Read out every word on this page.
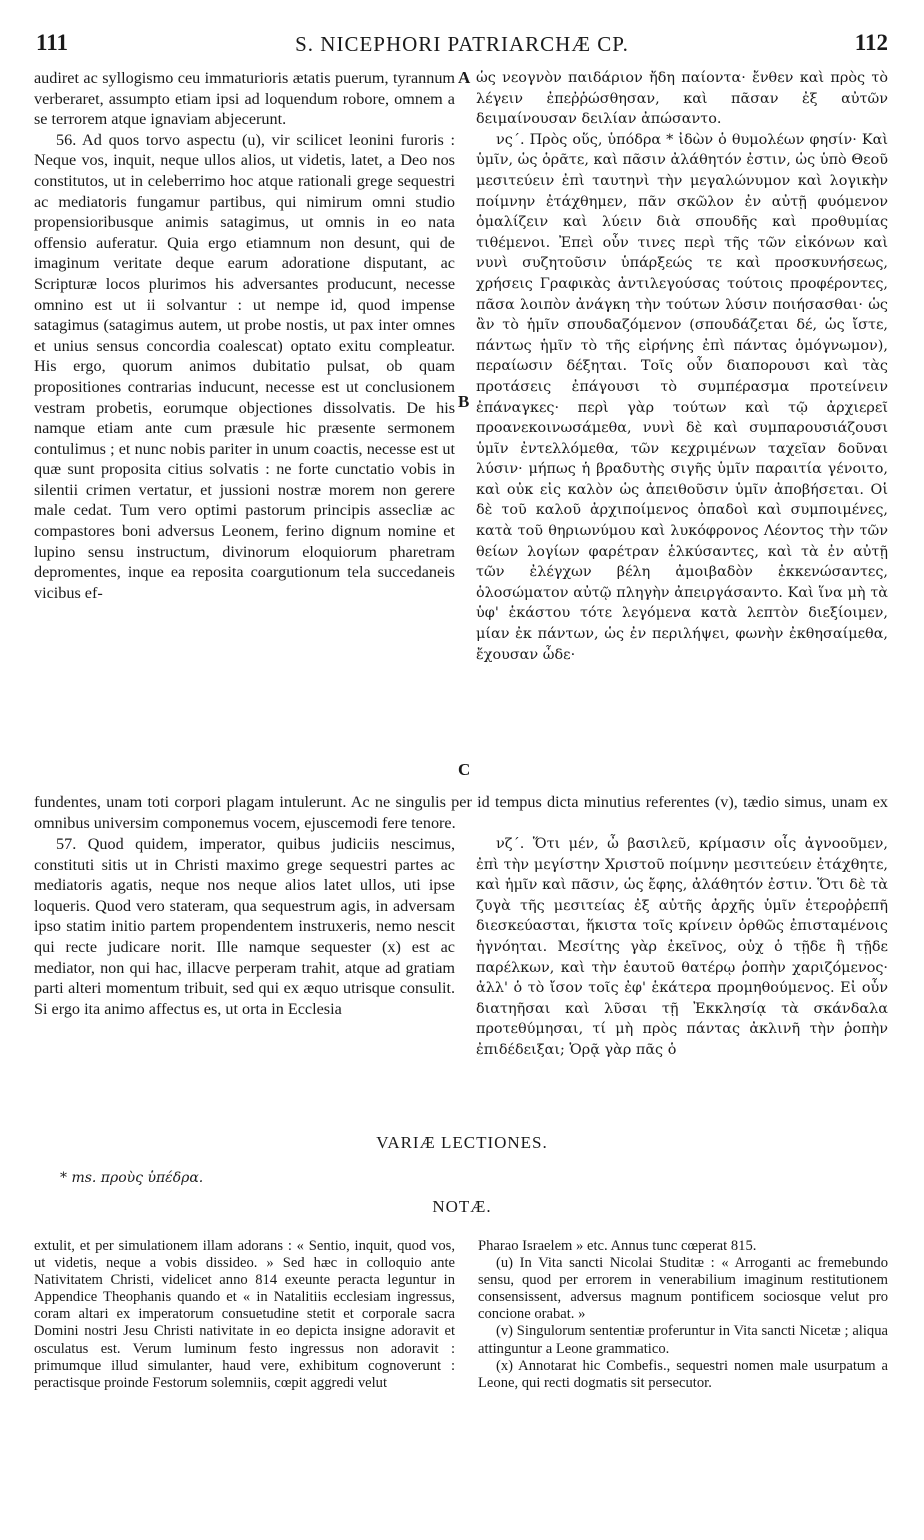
111	S. NICEPHORI PATRIARCHÆ CP.	112

audiret ac syllogismo ceu immaturioris ætatis puerum, tyrannum verberaret, assumpto etiam ipsi ad loquendum robore, omnem a se terrorem atque ignaviam abjecerunt.

56. Ad quos torvo aspectu (u), vir scilicet leonini furoris : Neque vos, inquit, neque ullos alios, ut videtis, latet, a Deo nos constitutos, ut in celeberrimo hoc atque rationali grege sequestri ac mediatoris fungamur partibus, qui nimirum omni studio propensioribusque animis satagimus, ut omnis in eo nata offensio auferatur. Quia ergo etiamnum non desunt, qui de imaginum veritate deque earum adoratione disputant, ac Scripturæ locos plurimos his adversantes producunt, necesse omnino est ut ii solvantur : ut nempe id, quod impense satagimus (satagimus autem, ut probe nostis, ut pax inter omnes et unius sensus concordia coalescat) optato exitu compleatur. His ergo, quorum animos dubitatio pulsat, ob quam propositiones contrarias inducunt, necesse est ut conclusionem vestram probetis, eorumque objectiones dissolvatis. De his namque etiam ante cum præsule hic præsente sermonem contulimus ; et nunc nobis pariter in unum coactis, necesse est ut quæ sunt proposita citius solvatis : ne forte cunctatio vobis in silentii crimen vertatur, et jussioni nostræ morem non gerere male cedat. Tum vero optimi pastorum principis assecliæ ac compastores boni adversus Leonem, ferino dignum nomine et lupino sensu instructum, divinorum eloquiorum pharetram depromentes, inque ea reposita coargutionum tela succedaneis vicibus ef-

A
B
C

ὡς νεογνὸν παιδάριον ἤδη παίοντα· ἔνθεν καὶ πρὸς τὸ λέγειν ἐπεῤῥώσθησαν, καὶ πᾶσαν ἐξ αὐτῶν δειμαίνουσαν δειλίαν ἀπώσαντο.

νς΄. Πρὸς οὕς, ὑπόδρα * ἰδὼν ὁ θυμολέων φησίν· Καὶ ὑμῖν, ὡς ὁρᾶτε, καὶ πᾶσιν ἀλάθητόν ἐστιν, ὡς ὑπὸ Θεοῦ μεσιτεύειν ἐπὶ ταυτηνὶ τὴν μεγαλώνυμον καὶ λογικὴν ποίμνην ἐτάχθημεν, πᾶν σκῶλον ἐν αὐτῇ φυόμενον ὁμαλίζειν καὶ λύειν διὰ σπουδῆς καὶ προθυμίας τιθέμενοι. Ἐπεὶ οὖν τινες περὶ τῆς τῶν εἰκόνων καὶ νυνὶ συζητοῦσιν ὑπάρξεώς τε καὶ προσκυνήσεως, χρήσεις Γραφικὰς ἀντιλεγούσας τούτοις προφέροντες, πᾶσα λοιπὸν ἀνάγκη τὴν τούτων λύσιν ποιήσασθαι· ὡς ἂν τὸ ἡμῖν σπουδαζόμενον (σπουδάζεται δέ, ὡς ἴστε, πάντως ἡμῖν τὸ τῆς εἰρήνης ἐπὶ πάντας ὁμόγνωμον), περαίωσιν δέξηται. Τοῖς οὖν διαπορουσι καὶ τὰς προτάσεις ἐπάγουσι τὸ συμπέρασμα προτείνειν ἐπάναγκες· περὶ γὰρ τούτων καὶ τῷ ἀρχιερεῖ προανεκοινωσάμεθα, νυνὶ δὲ καὶ συμπαρουσιάζουσι ὑμῖν ἐντελλόμεθα, τῶν κεχριμένων ταχεῖαν δοῦναι λύσιν· μήπως ἡ βραδυτὴς σιγῆς ὑμῖν παραιτία γένοιτο, καὶ οὐκ εἰς καλὸν ὡς ἀπειθοῦσιν ὑμῖν ἀποβήσεται. Οἱ δὲ τοῦ καλοῦ ἀρχιποίμενος ὀπαδοὶ καὶ συμποιμένες, κατὰ τοῦ θηριωνύμου καὶ λυκόφρονος Λέοντος τὴν τῶν θείων λογίων φαρέτραν ἑλκύσαντες, καὶ τὰ ἐν αὐτῇ τῶν ἐλέγχων βέλη ἀμοιβαδὸν ἐκκενώσαντες, ὁλοσώματον αὐτῷ πληγὴν ἀπειργάσαντο. Καὶ ἵνα μὴ τὰ ὑφ' ἑκάστου τότε λεγόμενα κατὰ λεπτὸν διεξίοιμεν, μίαν ἐκ πάντων, ὡς ἐν περιλήψει, φωνὴν ἐκθησαίμεθα, ἔχουσαν ὧδε·

fundentes, unam toti corpori plagam intulerunt. Ac ne singulis per id tempus dicta minutius referentes (v), tædio simus, unam ex omnibus universim componemus vocem, ejuscemodi fere tenore.

57. Quod quidem, imperator, quibus judiciis nescimus, constituti sitis ut in Christi maximo grege sequestri partes ac mediatoris agatis, neque nos neque alios latet ullos, uti ipse loqueris. Quod vero stateram, qua sequestrum agis, in adversam ipso statim initio partem propendentem instruxeris, nemo nescit qui recte judicare norit. Ille namque sequester (x) est ac mediator, non qui hac, illacve perperam trahit, atque ad gratiam parti alteri momentum tribuit, sed qui ex æquo utrisque consulit. Si ergo ita animo affectus es, ut orta in Ecclesia

νζ΄. Ὅτι μέν, ὦ βασιλεῦ, κρίμασιν οἷς ἀγνοοῦμεν, ἐπὶ τὴν μεγίστην Χριστοῦ ποίμνην μεσιτεύειν ἐτάχθητε, καὶ ἡμῖν καὶ πᾶσιν, ὡς ἔφης, ἀλάθητόν ἐστιν. Ὅτι δὲ τὰ ζυγὰ τῆς μεσιτείας ἐξ αὐτῆς ἀρχῆς ὑμῖν ἑτεροῤῥεπῆ διεσκεύασται, ἥκιστα τοῖς κρίνειν ὀρθῶς ἐπισταμένοις ἠγνόηται. Μεσίτης γὰρ ἐκεῖνος, οὐχ ὁ τῇδε ἢ τῇδε παρέλκων, καὶ τὴν ἑαυτοῦ θατέρῳ ῥοπὴν χαριζόμενος· ἀλλ' ὁ τὸ ἴσον τοῖς ἐφ' ἑκάτερα προμηθούμενος. Εἰ οὖν διατηῆσαι καὶ λῦσαι τῇ Ἐκκλησίᾳ τὰ σκάνδαλα προτεθύμησαι, τί μὴ πρὸς πάντας ἀκλινῆ τὴν ῥοπὴν ἐπιδέδειξαι; Ὁρᾷ γὰρ πᾶς ὁ

VARIÆ LECTIONES.
* ms. προὺς ὑπέδρα.
NOTÆ.

extulit, et per simulationem illam adorans : « Sentio, inquit, quod vos, ut videtis, neque a vobis dissideo. » Sed hæc in colloquio ante Nativitatem Christi, videlicet anno 814 exeunte peracta leguntur in Appendice Theophanis quando et « in Natalitiis ecclesiam ingressus, coram altari ex imperatorum consuetudine stetit et corporale sacra Domini nostri Jesu Christi nativitate in eo depicta insigne adoravit et osculatus est. Verum luminum festo ingressus non adoravit : primumque illud simulanter, haud vere, exhibitum cognoverunt : peractisque proinde Festorum solemniis, cœpit aggredi velut

Pharao Israelem » etc. Annus tunc cœperat 815.

(u) In Vita sancti Nicolai Studitæ : « Arroganti ac fremebundo sensu, quod per errorem in venerabilium imaginum restitutionem consensissent, adversus magnum pontificem sociosque velut pro concione orabat. »

(v) Singulorum sententiæ proferuntur in Vita sancti Nicetæ ; aliqua attinguntur a Leone grammatico.

(x) Annotarat hic Combefis., sequestri nomen male usurpatum a Leone, qui recti dogmatis sit persecutor.
